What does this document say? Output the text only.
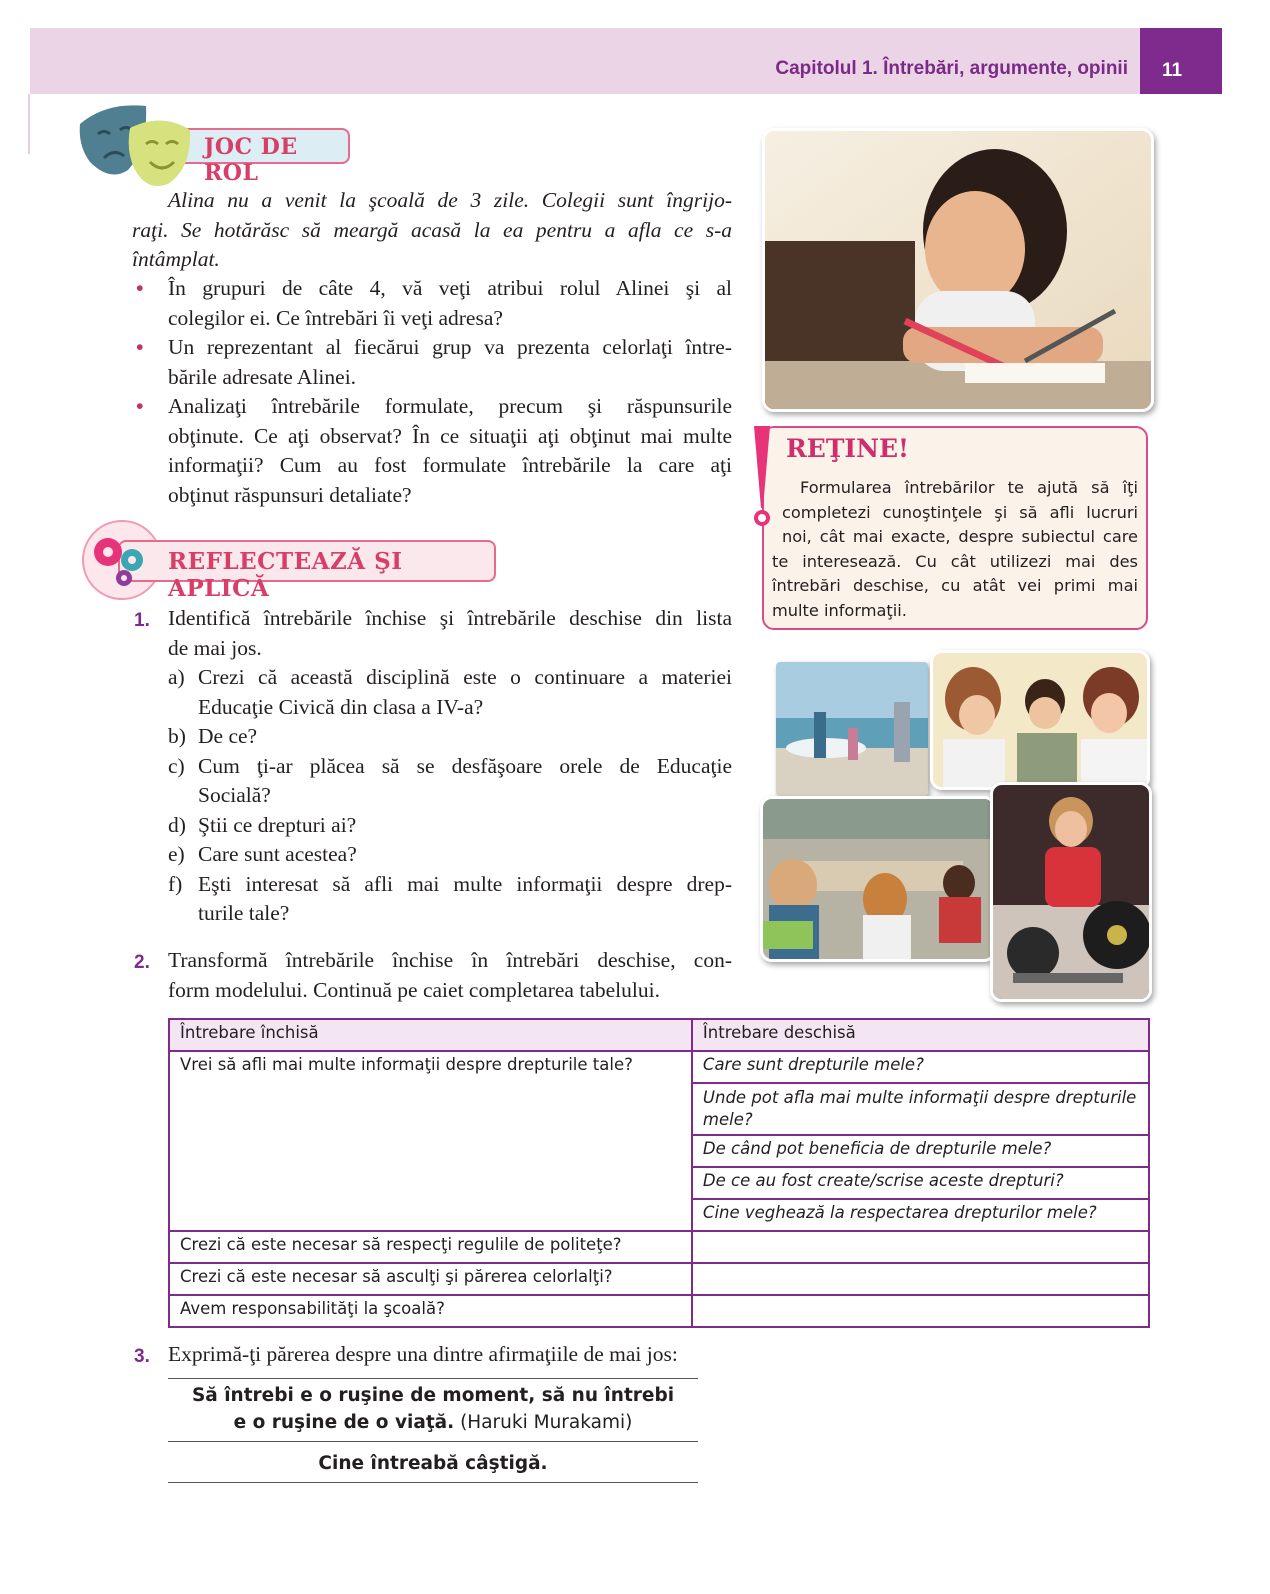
Capitolul 1. Întrebări, argumente, opinii	11
JOC DE ROL
Alina nu a venit la şcoală de 3 zile. Colegii sunt îngrijo-
raţi. Se hotărăsc să meargă acasă la ea pentru a afla ce s-a
întâmplat.
• În grupuri de câte 4, vă veţi atribui rolul Alinei şi al
colegilor ei. Ce întrebări îi veţi adresa?
• Un reprezentant al fiecărui grup va prezenta celorlaţi între-
bările adresate Alinei.
• Analizaţi întrebările formulate, precum şi răspunsurile
obţinute. Ce aţi observat? În ce situaţii aţi obţinut mai multe
informaţii? Cum au fost formulate întrebările la care aţi
obţinut răspunsuri detaliate?
REŢINE!
Formularea întrebărilor te ajută să îţi
completezi cunoştinţele şi să afli lucruri
noi, cât mai exacte, despre subiectul care
te interesează. Cu cât utilizezi mai des
întrebări deschise, cu atât vei primi mai
multe informaţii.
REFLECTEAZĂ ŞI APLICĂ
1. Identifică întrebările închise şi întrebările deschise din lista
de mai jos.
a) Crezi că această disciplină este o continuare a materiei
Educaţie Civică din clasa a IV-a?
b) De ce?
c) Cum ţi-ar plăcea să se desfăşoare orele de Educaţie
Socială?
d) Ştii ce drepturi ai?
e) Care sunt acestea?
f) Eşti interesat să afli mai multe informaţii despre drep-
turile tale?
2. Transformă întrebările închise în întrebări deschise, con-
form modelului. Continuă pe caiet completarea tabelului.
Întrebare închisă	Întrebare deschisă
Vrei să afli mai multe informaţii despre drepturile tale?	Care sunt drepturile mele?
	Unde pot afla mai multe informaţii despre drepturile mele?
	De când pot beneficia de drepturile mele?
	De ce au fost create/scrise aceste drepturi?
	Cine veghează la respectarea drepturilor mele?
Crezi că este necesar să respecţi regulile de politeţe?	
Crezi că este necesar să asculţi şi părerea celorlalţi?	
Avem responsabilităţi la şcoală?	
3. Exprimă-ţi părerea despre una dintre afirmaţiile de mai jos:
Să întrebi e o ruşine de moment, să nu întrebi
e o ruşine de o viaţă. (Haruki Murakami)
Cine întreabă câştigă.
